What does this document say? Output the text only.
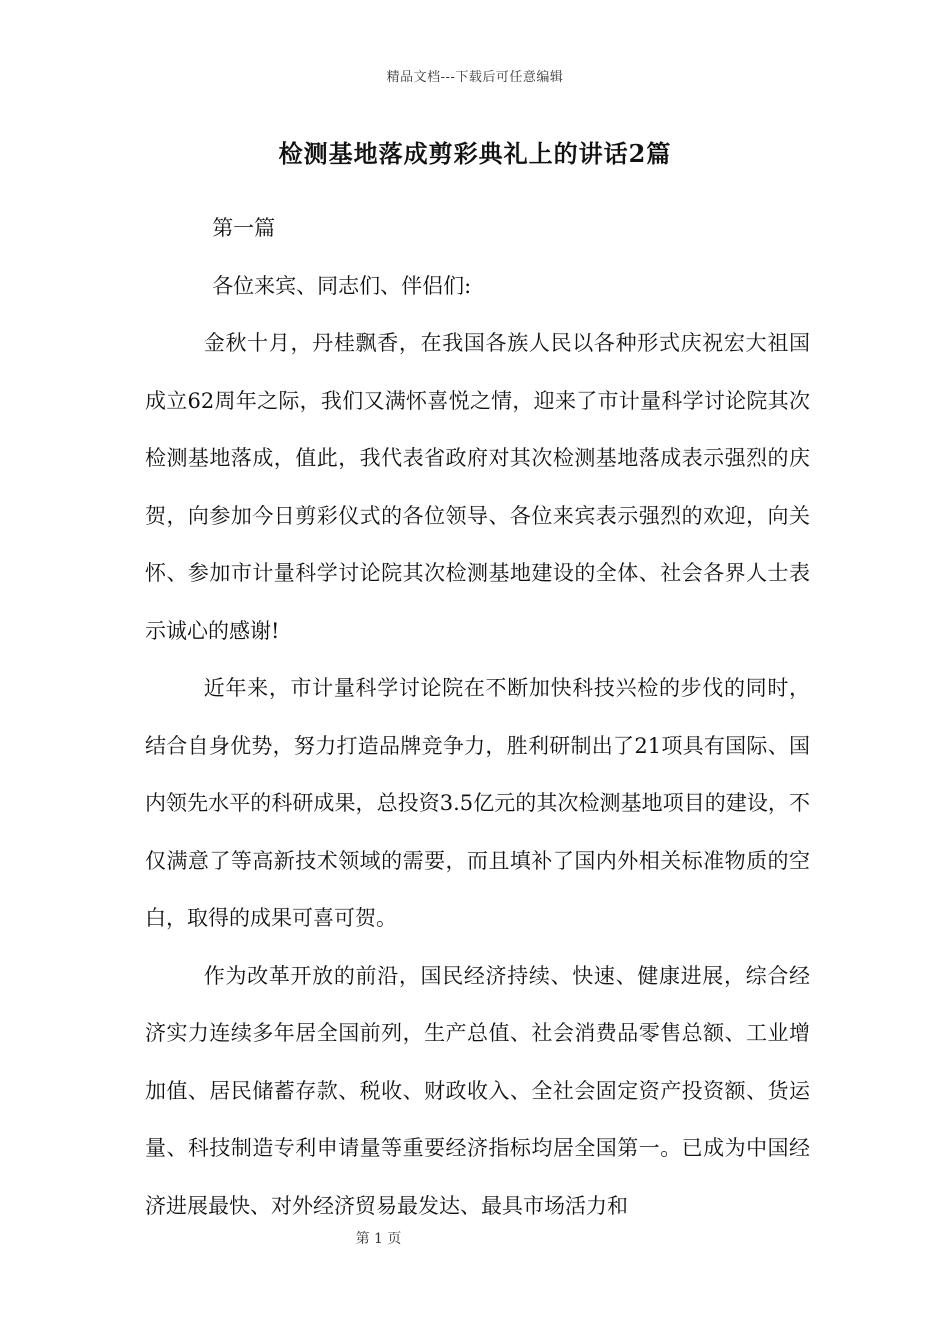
精品文档---下载后可任意编辑
检测基地落成剪彩典礼上的讲话2篇

第一篇

各位来宾、同志们、伴侣们:

金秋十月，丹桂飘香，在我国各族人民以各种形式庆祝宏大祖国成立62周年之际，我们又满怀喜悦之情，迎来了市计量科学讨论院其次检测基地落成，值此，我代表省政府对其次检测基地落成表示强烈的庆贺，向参加今日剪彩仪式的各位领导、各位来宾表示强烈的欢迎，向关怀、参加市计量科学讨论院其次检测基地建设的全体、社会各界人士表示诚心的感谢!

近年来，市计量科学讨论院在不断加快科技兴检的步伐的同时，结合自身优势，努力打造品牌竞争力，胜利研制出了21项具有国际、国内领先水平的科研成果，总投资3.5亿元的其次检测基地项目的建设，不仅满意了等高新技术领域的需要，而且填补了国内外相关标准物质的空白，取得的成果可喜可贺。

作为改革开放的前沿，国民经济持续、快速、健康进展，综合经济实力连续多年居全国前列，生产总值、社会消费品零售总额、工业增加值、居民储蓄存款、税收、财政收入、全社会固定资产投资额、货运量、科技制造专利申请量等重要经济指标均居全国第一。已成为中国经济进展最快、对外经济贸易最发达、最具市场活力和

第 1 页
